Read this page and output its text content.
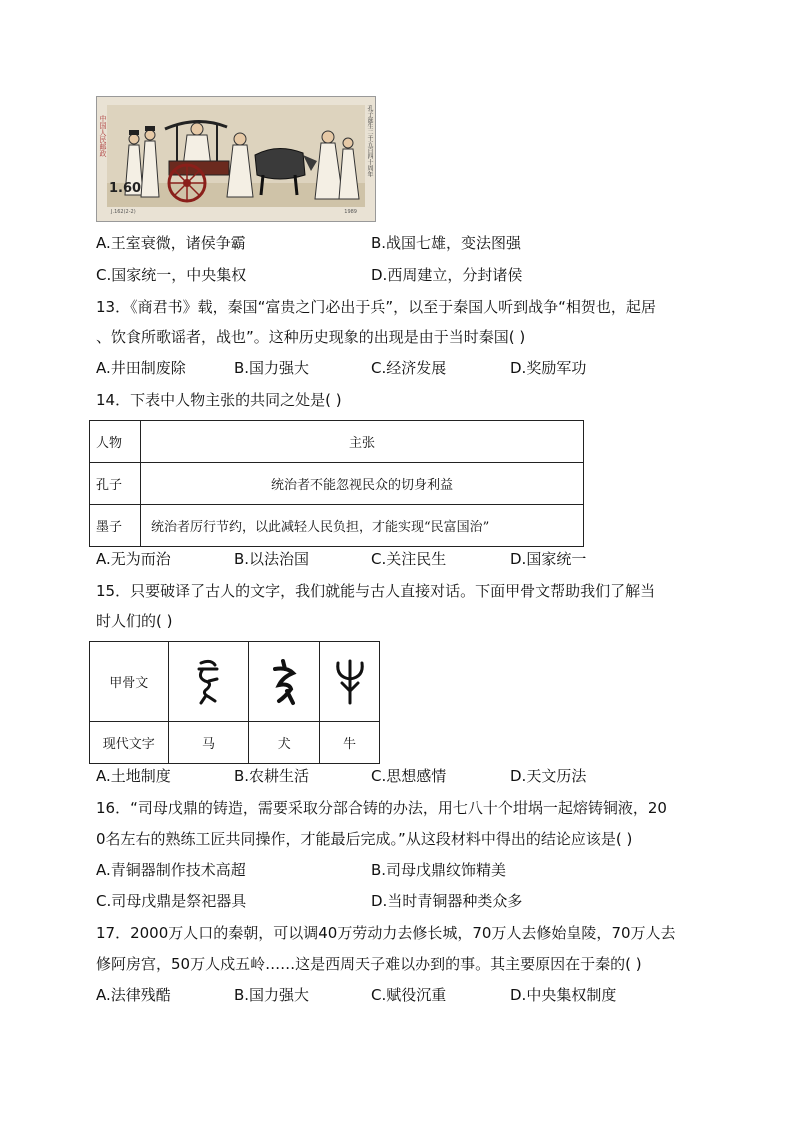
中国人民邮政	孔子诞生二千五百四十周年
1.60
J.162(2-2)	1989
A.王室衰微，诸侯争霸	B.战国七雄，变法图强
C.国家统一，中央集权	D.西周建立，分封诸侯
13．《商君书》载，秦国“富贵之门必出于兵”，以至于秦国人听到战争“相贺也，起居
、饮食所歌谣者，战也”。这种历史现象的出现是由于当时秦国( )
A.井田制废除	B.国力强大	C.经济发展	D.奖励军功
14．下表中人物主张的共同之处是( )
人物	主张
孔子	统治者不能忽视民众的切身利益
墨子	统治者厉行节约，以此减轻人民负担，才能实现“民富国治”
A.无为而治	B.以法治国	C.关注民生	D.国家统一
15．只要破译了古人的文字，我们就能与古人直接对话。下面甲骨文帮助我们了解当
时人们的( )
甲骨文	

现代文字	马	犬	牛
A.土地制度	B.农耕生活	C.思想感情	D.天文历法
16．“司母戊鼎的铸造，需要采取分部合铸的办法，用七八十个坩埚一起熔铸铜液，20
0名左右的熟练工匠共同操作，才能最后完成。”从这段材料中得出的结论应该是( )
A.青铜器制作技术高超	B.司母戊鼎纹饰精美
C.司母戊鼎是祭祀器具	D.当时青铜器种类众多
17．2000万人口的秦朝，可以调40万劳动力去修长城，70万人去修始皇陵，70万人去
修阿房宫，50万人戍五岭……这是西周天子难以办到的事。其主要原因在于秦的( )
A.法律残酷	B.国力强大	C.赋役沉重	D.中央集权制度
